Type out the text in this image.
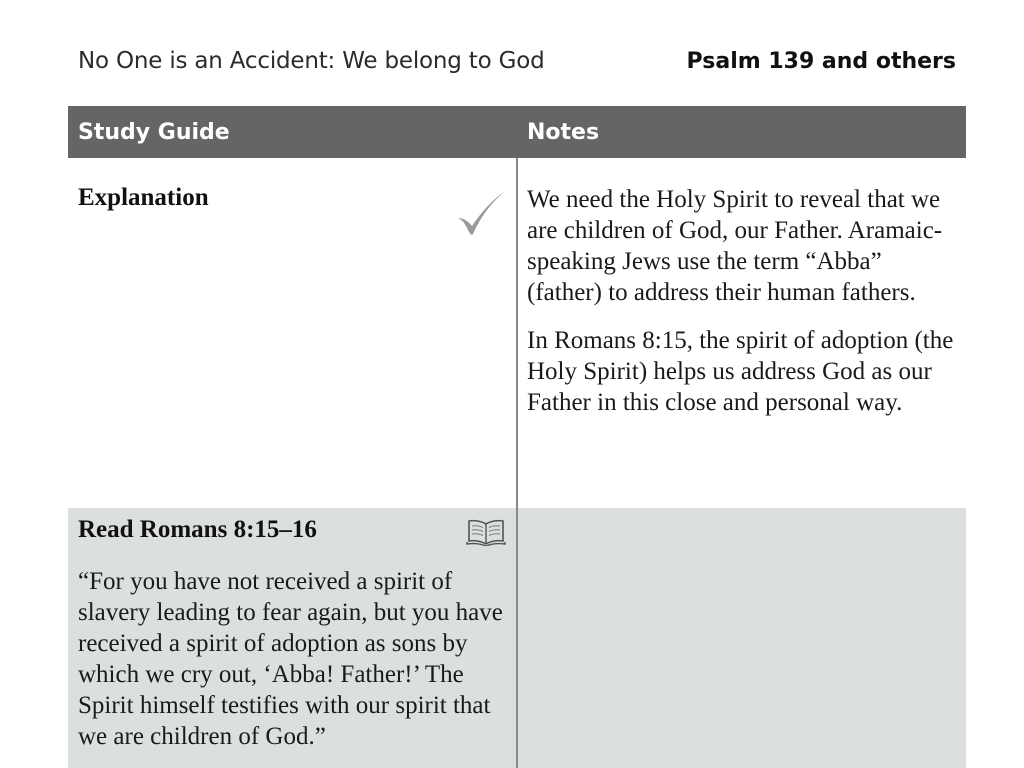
No One is an Accident: We belong to God	Psalm 139 and others
Study Guide	Notes
Explanation	We need the Holy Spirit to reveal that we are children of God, our Father. Aramaic-speaking Jews use the term “Abba” (father) to address their human fathers.

In Romans 8:15, the spirit of adoption (the Holy Spirit) helps us address God as our Father in this close and personal way.

Read Romans 8:15–16

“For you have not received a spirit of slavery leading to fear again, but you have received a spirit of adoption as sons by which we cry out, ‘Abba! Father!’ The Spirit himself testifies with our spirit that we are children of God.”
